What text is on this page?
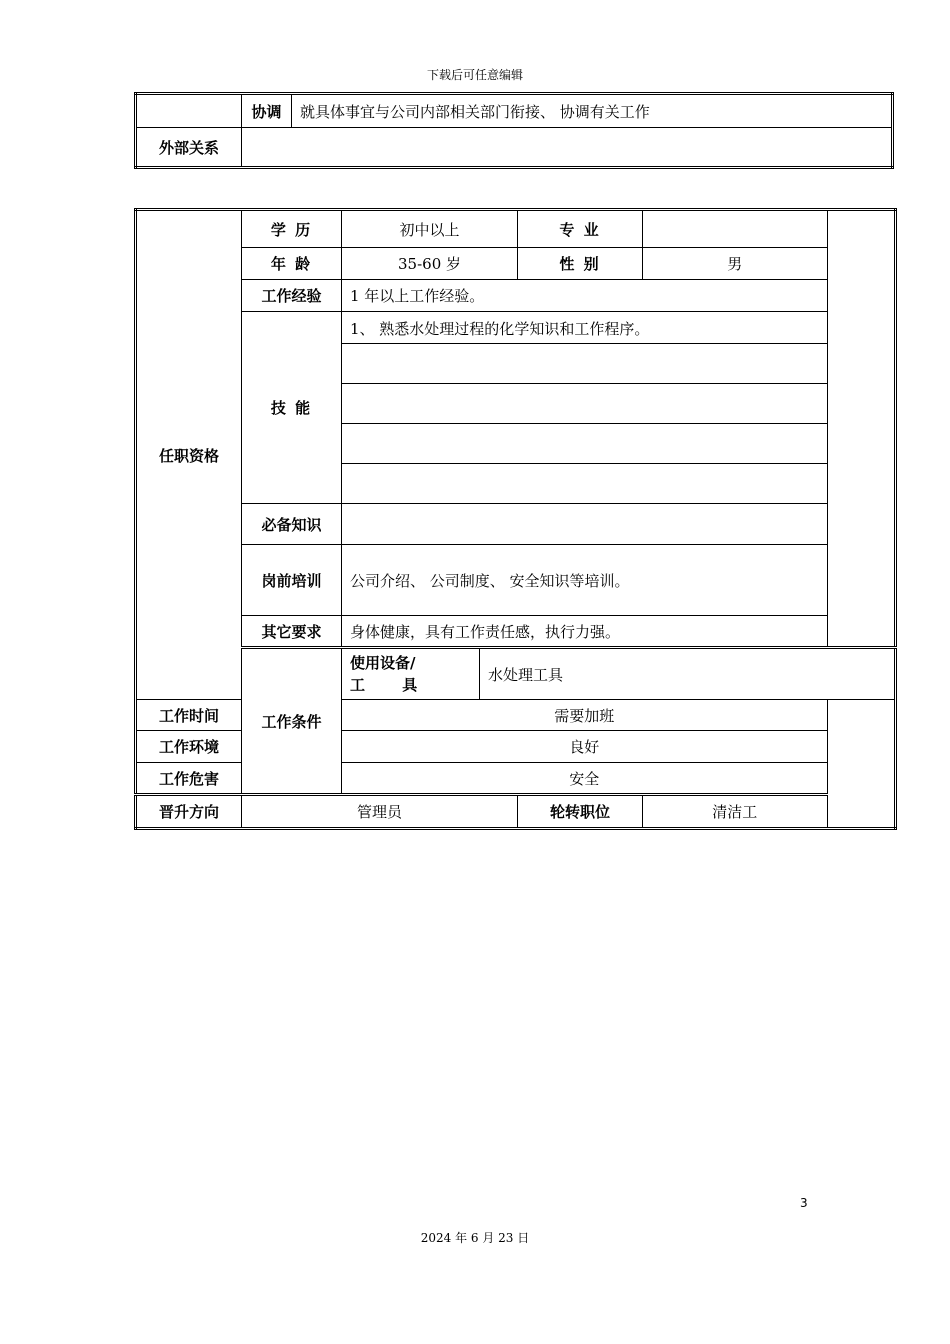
下载后可任意编辑
	协调	就具体事宜与公司内部相关部门衔接、 协调有关工作
外部关系		
任职资格	学 历	初中以上		专 业	
	年 龄	35-60 岁		性 别	男
	工作经验	1 年以上工作经验。			
	技 能	1、 熟悉水处理过程的化学知识和工作程序。			

	必备知识				
	岗前培训	公司介绍、 公司制度、 安全知识等培训。			
	其它要求	身体健康，具有工作责任感，执行力强。			
	工作条件	使用设备/
工 具	水处理工具		
工作时间		需要加班			
工作环境		良好			
工作危害		安全			
晋升方向	管理员			轮转职位	清洁工
3
2024 年 6 月 23 日
